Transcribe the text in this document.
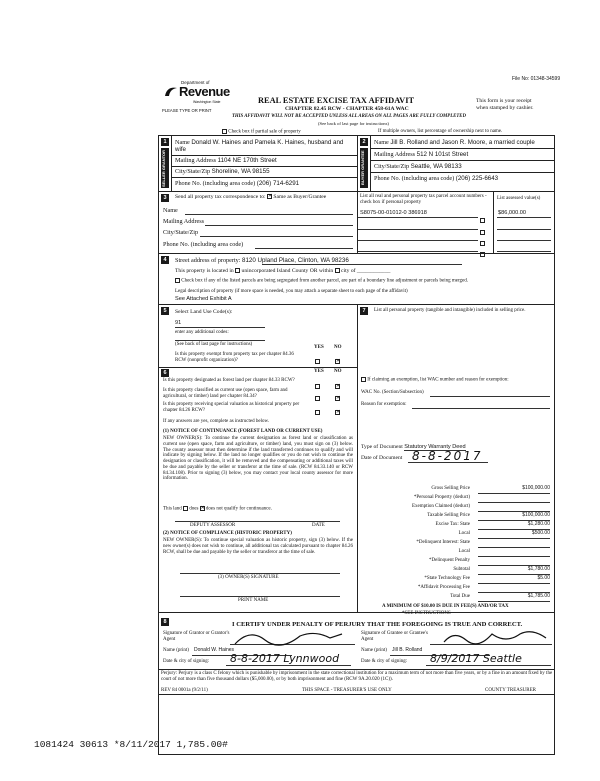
File No: 01348-34599
Department of
Revenue
Washington State
PLEASE TYPE OR PRINT
REAL ESTATE EXCISE TAX AFFIDAVIT
CHAPTER 82.45 RCW - CHAPTER 458-61A WAC
THIS AFFIDAVIT WILL NOT BE ACCEPTED UNLESS ALL AREAS ON ALL PAGES ARE FULLY COMPLETED
(See back of last page for instructions)
This form is your receipt
when stamped by cashier.
Check box if partial sale of property	If multiple owners, list percentage of ownership next to name.
1
SELLER GRANTOR
Name Donald W. Haines and Pamela K. Haines, husband and wife
Mailing Address 1104 NE 170th Street
City/State/Zip Shoreline, WA 98155
Phone No. (including area code) (206) 714-6291
2
BUYER GRANTEE
Name Jill B. Rolland and Jason R. Moore, a married couple
Mailing Address 512 N 101st Street
City/State/Zip Seattle, WA 98133
Phone No. (including area code) (206) 225-6643
3	Send all property tax correspondence to: ✕ Same as Buyer/Grantee
Name
Mailing Address
City/State/Zip
Phone No. (including area code)
List all real and personal property tax parcel account numbers - check box if personal property
List assessed value(s)
S8075-00-01012-0 386918	$86,000.00
4	Street address of property: 8120 Upland Place, Clinton, WA 98236
This property is located in unincorporated Island County OR within city of ____________
Check box if any of the listed parcels are being segregated from another parcel, are part of a boundary line adjustment or parcels being merged.
Legal description of property (if more space is needed, you may attach a separate sheet to each page of the affidavit)
See Attached Exhibit A
5	Select Land Use Code(s):
91
enter any additional codes:
(See back of last page for instructions)
YES NO
Is this property exempt from property tax per chapter 84.36 RCW (nonprofit organization)?	✕
6	YES NO
Is this property designated as forest land per chapter 84.33 RCW?
✕
Is this property classified as current use (open space, farm and agricultural, or timber) land per chapter 84.34?	✕
Is this property receiving special valuation as historical property per chapter 84.26 RCW?	✕
If any answers are yes, complete as instructed below.
(1) NOTICE OF CONTINUANCE (FOREST LAND OR CURRENT USE)
NEW OWNER(S): To continue the current designation as forest land or classification as current use (open space, farm and agriculture, or timber) land, you must sign on (3) below. The county assessor must then determine if the land transferred continues to qualify and will indicate by signing below. If the land no longer qualifies or you do not wish to continue the designation or classification, it will be removed and the compensating or additional taxes will be due and payable by the seller or transferor at the time of sale. (RCW 84.33.140 or RCW 84.34.108). Prior to signing (3) below, you may contact your local county assessor for more information.
This land does ✕ does not qualify for continuance.
DEPUTY ASSESSOR	DATE
(2) NOTICE OF COMPLIANCE (HISTORIC PROPERTY)
NEW OWNER(S): To continue special valuation as historic property, sign (3) below. If the new owner(s) does not wish to continue, all additional tax calculated pursuant to chapter 84.26 RCW, shall be due and payable by the seller or transferor at the time of sale.
(3) OWNER(S) SIGNATURE
PRINT NAME
7	List all personal property (tangible and intangible) included in selling price.
If claiming an exemption, list WAC number and reason for exemption:
WAC No. (Section/Subsection)
Reason for exemption:
Type of Document Statutory Warranty Deed
Date of Document 8-8-2017
Gross Selling Price	$100,000.00
*Personal Property (deduct)
Exemption Claimed (deduct)
Taxable Selling Price	$100,000.00
Excise Tax: State	$1,280.00
Local	$500.00
*Delinquent Interest: State
Local
*Delinquent Penalty
Subtotal	$1,780.00
*State Technology Fee	$5.00
*Affidavit Processing Fee
Total Due	$1,785.00
A MINIMUM OF $10.00 IS DUE IN FEE(S) AND/OR TAX
*SEE INSTRUCTIONS
8	I CERTIFY UNDER PENALTY OF PERJURY THAT THE FOREGOING IS TRUE AND CORRECT.
Signature of Grantor or Grantor's Agent
Name (print) Donald W. Haines
Date & city of signing: 8-8-2017 Lynnwood
Signature of Grantee or Grantee's Agent
Name (print) Jill B. Rolland
Date & city of signing: 8/9/2017 Seattle
Perjury: Perjury is a class C felony which is punishable by imprisonment in the state correctional institution for a maximum term of not more than five years, or by a fine in an amount fixed by the court of not more than five thousand dollars ($5,000.00), or by both imprisonment and fine (RCW 9A.20.020 (1C)).
REV 84 0001a (9/2/11)	THIS SPACE - TREASURER'S USE ONLY	COUNTY TREASURER
1081424 30613 *8/11/2017 1,785.00#
